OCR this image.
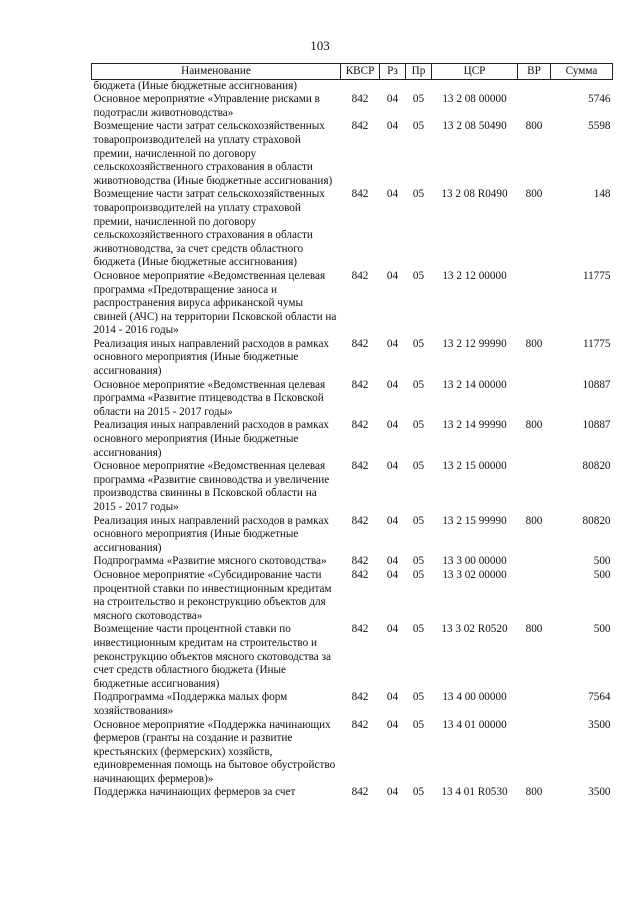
103
Наименование	КВСР	Рз	Пр	ЦСР	ВР	Сумма
бюджета (Иные бюджетные ассигнования)						
Основное мероприятие «Управление рисками в подотрасли животноводства»	842	04	05	13 2 08 00000		5746
Возмещение части затрат сельскохозяйственных товаропроизводителей на уплату страховой премии, начисленной по договору сельскохозяйственного страхования в области животноводства (Иные бюджетные ассигнования)	842	04	05	13 2 08 50490	800	5598
Возмещение части затрат сельскохозяйственных товаропроизводителей на уплату страховой премии, начисленной по договору сельскохозяйственного страхования в области животноводства, за счет средств областного бюджета (Иные бюджетные ассигнования)	842	04	05	13 2 08 R0490	800	148
Основное мероприятие «Ведомственная целевая программа «Предотвращение заноса и распространения вируса африканской чумы свиней (АЧС) на территории Псковской области на 2014 - 2016 годы»	842	04	05	13 2 12 00000		11775
Реализация иных направлений расходов в рамках основного мероприятия (Иные бюджетные ассигнования)	842	04	05	13 2 12 99990	800	11775
Основное мероприятие «Ведомственная целевая программа «Развитие птицеводства в Псковской области на 2015 - 2017 годы»	842	04	05	13 2 14 00000		10887
Реализация иных направлений расходов в рамках основного мероприятия (Иные бюджетные ассигнования)	842	04	05	13 2 14 99990	800	10887
Основное мероприятие «Ведомственная целевая программа «Развитие свиноводства и увеличение производства свинины в Псковской области на 2015 - 2017 годы»	842	04	05	13 2 15 00000		80820
Реализация иных направлений расходов в рамках основного мероприятия (Иные бюджетные ассигнования)	842	04	05	13 2 15 99990	800	80820
Подпрограмма «Развитие мясного скотоводства»	842	04	05	13 3 00 00000		500
Основное мероприятие «Субсидирование части процентной ставки по инвестиционным кредитам на строительство и реконструкцию объектов для мясного скотоводства»	842	04	05	13 3 02 00000		500
Возмещение части процентной ставки по инвестиционным кредитам на строительство и реконструкцию объектов мясного скотоводства за счет средств областного бюджета (Иные бюджетные ассигнования)	842	04	05	13 3 02 R0520	800	500
Подпрограмма «Поддержка малых форм хозяйствования»	842	04	05	13 4 00 00000		7564
Основное мероприятие «Поддержка начинающих фермеров (гранты на создание и развитие крестьянских (фермерских) хозяйств, единовременная помощь на бытовое обустройство начинающих фермеров)»	842	04	05	13 4 01 00000		3500
Поддержка начинающих фермеров за счет	842	04	05	13 4 01 R0530	800	3500
